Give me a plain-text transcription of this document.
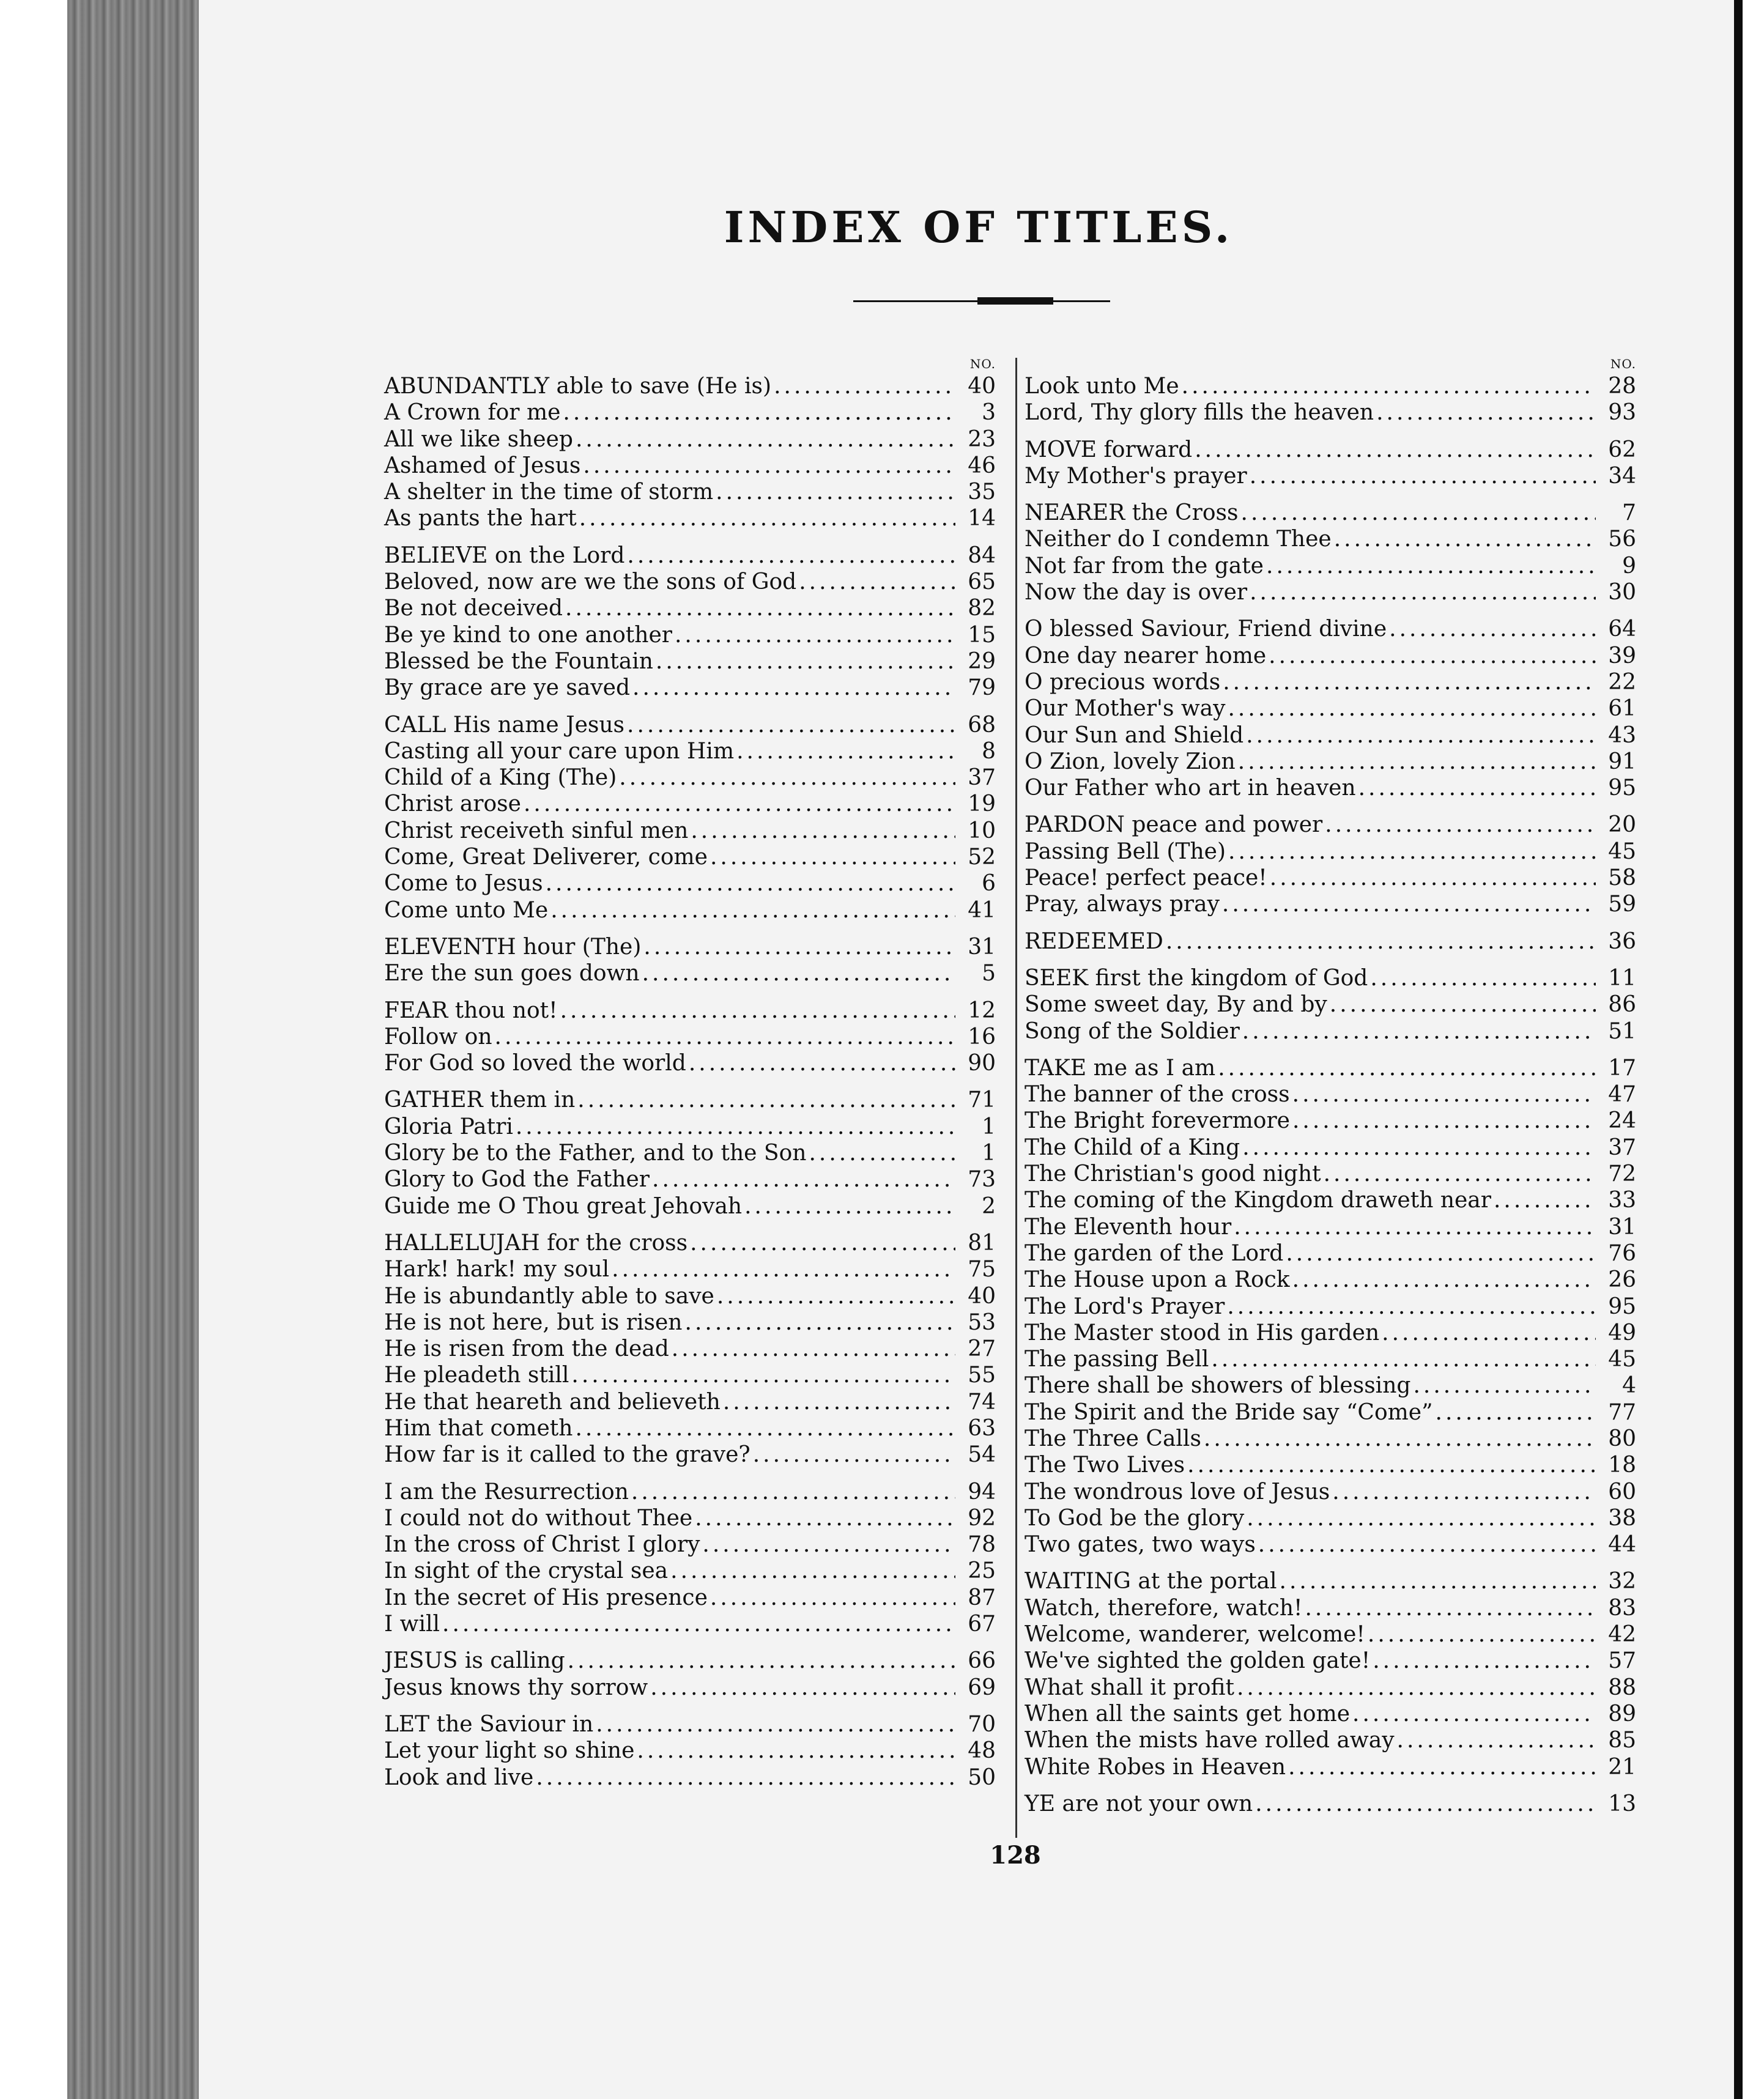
INDEX OF TITLES.
NO.
ABUNDANTLY able to save (He is) .....	40
A Crown for me .....	3
All we like sheep .....	23
Ashamed of Jesus .....	46
A shelter in the time of storm .....	35
As pants the hart .....	14
BELIEVE on the Lord .....	84
Beloved, now are we the sons of God .....	65
Be not deceived .....	82
Be ye kind to one another .....	15
Blessed be the Fountain .....	29
By grace are ye saved .....	79
CALL His name Jesus .....	68
Casting all your care upon Him .....	8
Child of a King (The) .....	37
Christ arose .....	19
Christ receiveth sinful men .....	10
Come, Great Deliverer, come .....	52
Come to Jesus .....	6
Come unto Me .....	41
ELEVENTH hour (The) .....	31
Ere the sun goes down .....	5
FEAR thou not! .....	12
Follow on .....	16
For God so loved the world .....	90
GATHER them in .....	71
Gloria Patri .....	1
Glory be to the Father, and to the Son .....	1
Glory to God the Father .....	73
Guide me O Thou great Jehovah .....	2
HALLELUJAH for the cross .....	81
Hark! hark! my soul .....	75
He is abundantly able to save .....	40
He is not here, but is risen .....	53
He is risen from the dead .....	27
He pleadeth still .....	55
He that heareth and believeth .....	74
Him that cometh .....	63
How far is it called to the grave? .....	54
I am the Resurrection .....	94
I could not do without Thee .....	92
In the cross of Christ I glory .....	78
In sight of the crystal sea .....	25
In the secret of His presence .....	87
I will .....	67
JESUS is calling .....	66
Jesus knows thy sorrow .....	69
LET the Saviour in .....	70
Let your light so shine .....	48
Look and live .....	50
NO.
Look unto Me .....	28
Lord, Thy glory fills the heaven .....	93
MOVE forward .....	62
My Mother's prayer .....	34
NEARER the Cross .....	7
Neither do I condemn Thee .....	56
Not far from the gate .....	9
Now the day is over .....	30
O blessed Saviour, Friend divine .....	64
One day nearer home .....	39
O precious words .....	22
Our Mother's way .....	61
Our Sun and Shield .....	43
O Zion, lovely Zion .....	91
Our Father who art in heaven .....	95
PARDON peace and power .....	20
Passing Bell (The) .....	45
Peace! perfect peace! .....	58
Pray, always pray .....	59
REDEEMED .....	36
SEEK first the kingdom of God .....	11
Some sweet day, By and by .....	86
Song of the Soldier .....	51
TAKE me as I am .....	17
The banner of the cross .....	47
The Bright forevermore .....	24
The Child of a King .....	37
The Christian's good night .....	72
The coming of the Kingdom draweth near .....	33
The Eleventh hour .....	31
The garden of the Lord .....	76
The House upon a Rock .....	26
The Lord's Prayer .....	95
The Master stood in His garden .....	49
The passing Bell .....	45
There shall be showers of blessing .....	4
The Spirit and the Bride say “Come” .....	77
The Three Calls .....	80
The Two Lives .....	18
The wondrous love of Jesus .....	60
To God be the glory .....	38
Two gates, two ways .....	44
WAITING at the portal .....	32
Watch, therefore, watch! .....	83
Welcome, wanderer, welcome! .....	42
We've sighted the golden gate! .....	57
What shall it profit .....	88
When all the saints get home .....	89
When the mists have rolled away .....	85
White Robes in Heaven .....	21
YE are not your own .....	13
128
